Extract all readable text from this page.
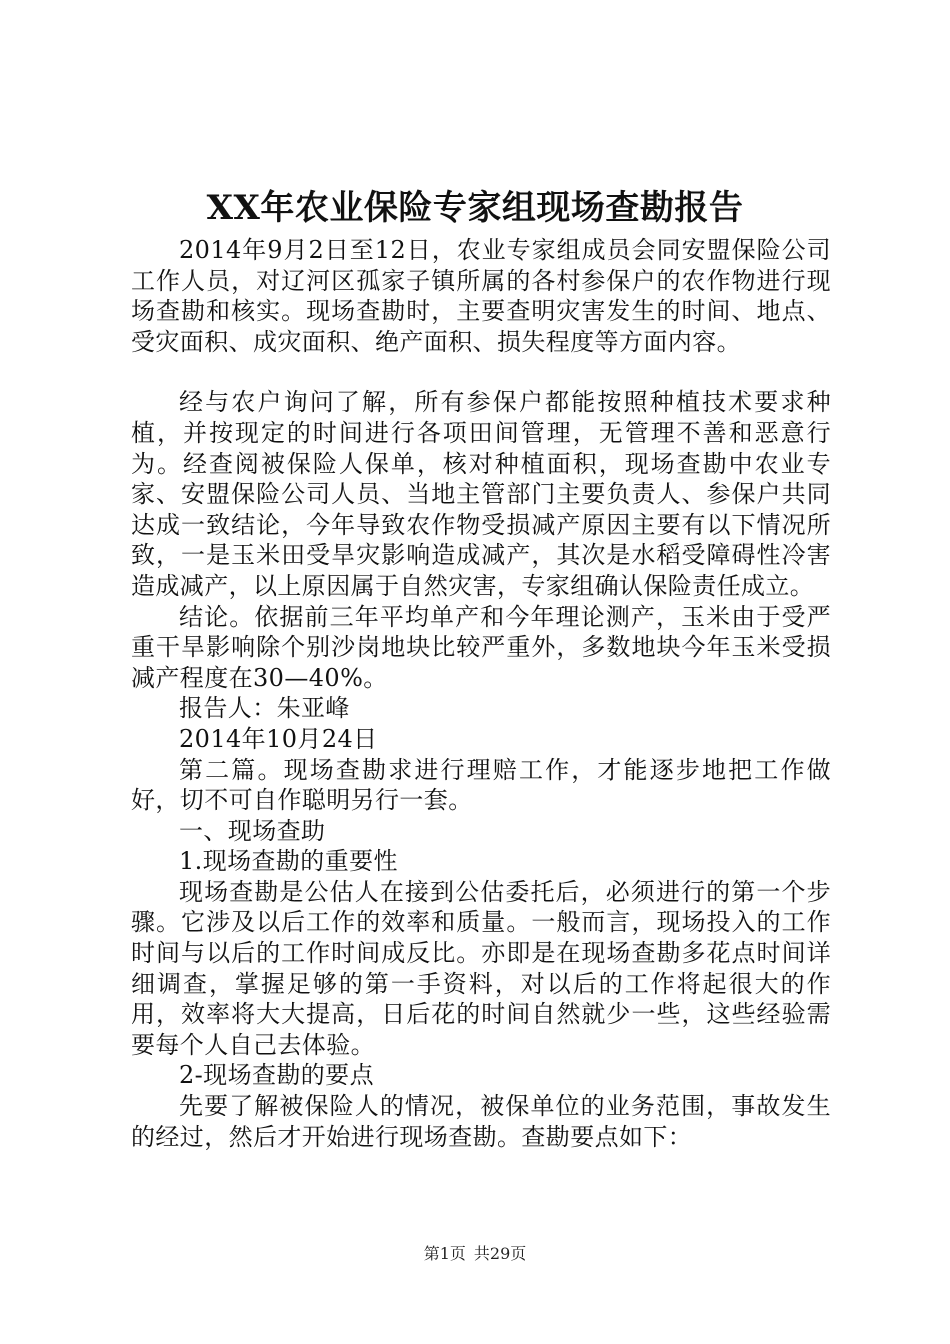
XX年农业保险专家组现场查勘报告

2014年9月2日至12日，农业专家组成员会同安盟保险公司工作人员，对辽河区孤家子镇所属的各村参保户的农作物进行现场查勘和核实。现场查勘时，主要查明灾害发生的时间、地点、受灾面积、成灾面积、绝产面积、损失程度等方面内容。

经与农户询问了解，所有参保户都能按照种植技术要求种植，并按现定的时间进行各项田间管理，无管理不善和恶意行为。经查阅被保险人保单，核对种植面积，现场查勘中农业专家、安盟保险公司人员、当地主管部门主要负责人、参保户共同达成一致结论，今年导致农作物受损减产原因主要有以下情况所致，一是玉米田受旱灾影响造成减产，其次是水稻受障碍性冷害造成减产，以上原因属于自然灾害，专家组确认保险责任成立。

结论。依据前三年平均单产和今年理论测产，玉米由于受严重干旱影响除个别沙岗地块比较严重外，多数地块今年玉米受损减产程度在30—40%。

报告人：朱亚峰

2014年10月24日

第二篇。现场查勘求进行理赔工作，才能逐步地把工作做好，切不可自作聪明另行一套。

一、现场查助

1.现场查勘的重要性

现场查勘是公估人在接到公估委托后，必须进行的第一个步骤。它涉及以后工作的效率和质量。一般而言，现场投入的工作时间与以后的工作时间成反比。亦即是在现场查勘多花点时间详细调查，掌握足够的第一手资料，对以后的工作将起很大的作用，效率将大大提高，日后花的时间自然就少一些，这些经验需要每个人自己去体验。

2-现场查勘的要点

先要了解被保险人的情况，被保单位的业务范围，事故发生的经过，然后才开始进行现场查勘。查勘要点如下：

第1页 共29页
